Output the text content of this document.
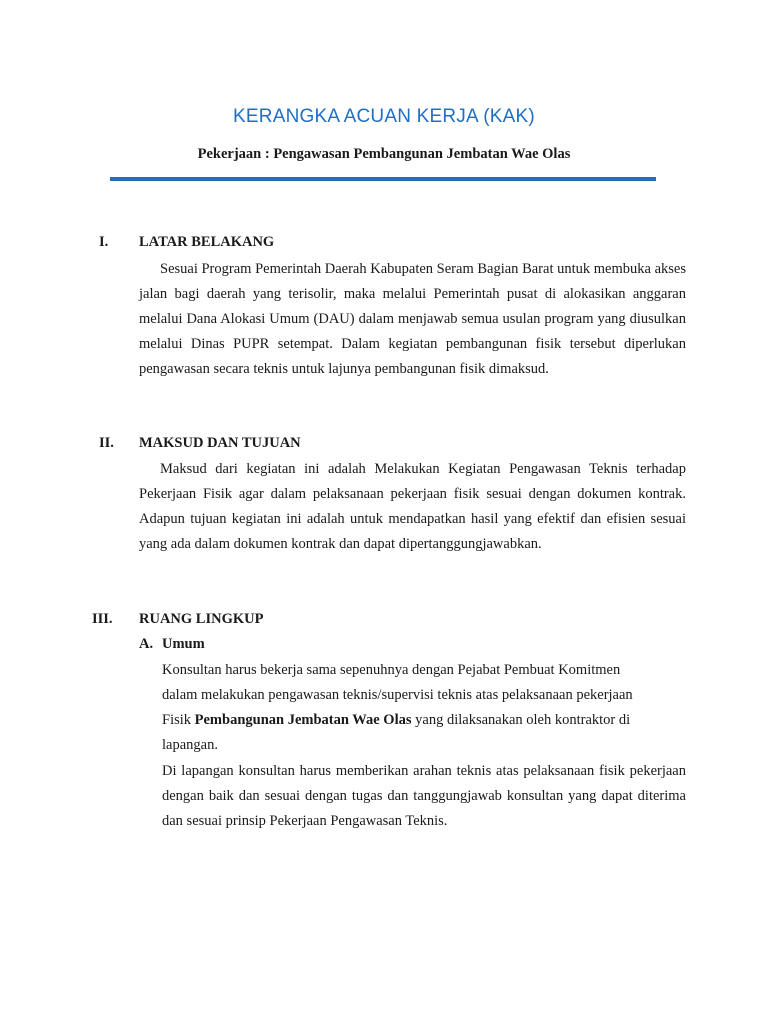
KERANGKA ACUAN KERJA (KAK)
Pekerjaan : Pengawasan Pembangunan Jembatan Wae Olas
I. LATAR BELAKANG
Sesuai Program Pemerintah Daerah Kabupaten Seram Bagian Barat untuk membuka akses jalan bagi daerah yang terisolir, maka melalui Pemerintah pusat di alokasikan anggaran melalui Dana Alokasi Umum (DAU) dalam menjawab semua usulan program yang diusulkan melalui Dinas PUPR setempat. Dalam kegiatan pembangunan fisik tersebut diperlukan pengawasan secara teknis untuk lajunya pembangunan fisik dimaksud.
II. MAKSUD DAN TUJUAN
Maksud dari kegiatan ini adalah Melakukan Kegiatan Pengawasan Teknis terhadap Pekerjaan Fisik agar dalam pelaksanaan pekerjaan fisik sesuai dengan dokumen kontrak. Adapun tujuan kegiatan ini adalah untuk mendapatkan hasil yang efektif dan efisien sesuai yang ada dalam dokumen kontrak dan dapat dipertanggungjawabkan.
III. RUANG LINGKUP
A. Umum
Konsultan harus bekerja sama sepenuhnya dengan Pejabat Pembuat Komitmen
dalam melakukan pengawasan teknis/supervisi teknis atas pelaksanaan pekerjaan
Fisik Pembangunan Jembatan Wae Olas yang dilaksanakan oleh kontraktor di
lapangan.
Di lapangan konsultan harus memberikan arahan teknis atas pelaksanaan fisik pekerjaan dengan baik dan sesuai dengan tugas dan tanggungjawab konsultan yang dapat diterima dan sesuai prinsip Pekerjaan Pengawasan Teknis.
